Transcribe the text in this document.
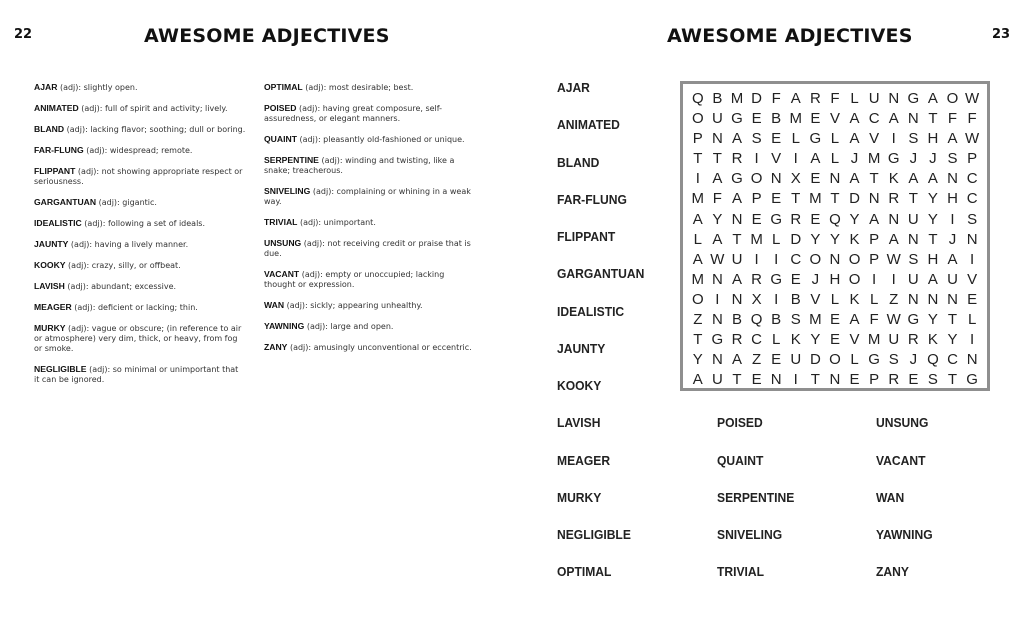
22	AWESOME ADJECTIVES
AJAR (adj): slightly open.
ANIMATED (adj): full of spirit and activity; lively.
BLAND (adj): lacking flavor; soothing; dull or boring.
FAR-FLUNG (adj): widespread; remote.
FLIPPANT (adj): not showing appropriate respect or seriousness.
GARGANTUAN (adj): gigantic.
IDEALISTIC (adj): following a set of ideals.
JAUNTY (adj): having a lively manner.
KOOKY (adj): crazy, silly, or offbeat.
LAVISH (adj): abundant; excessive.
MEAGER (adj): deficient or lacking; thin.
MURKY (adj): vague or obscure; (in reference to air or atmosphere) very dim, thick, or heavy, from fog or smoke.
NEGLIGIBLE (adj): so minimal or unimportant that it can be ignored.
OPTIMAL (adj): most desirable; best.
POISED (adj): having great composure, self-assuredness, or elegant manners.
QUAINT (adj): pleasantly old-fashioned or unique.
SERPENTINE (adj): winding and twisting, like a snake; treacherous.
SNIVELING (adj): complaining or whining in a weak way.
TRIVIAL (adj): unimportant.
UNSUNG (adj): not receiving credit or praise that is due.
VACANT (adj): empty or unoccupied; lacking thought or expression.
WAN (adj): sickly; appearing unhealthy.
YAWNING (adj): large and open.
ZANY (adj): amusingly unconventional or eccentric.
AWESOME ADJECTIVES	23
Q B M D F A R F L U N G A O W
O U G E B M E V A C A N T F F
P N A S E L G L A V I S H A W
T T R I V I A L J M G J J S P
I A G O N X E N A T K A A N C
M F A P E T M T D N R T Y H C
A Y N E G R E Q Y A N U Y I S
L A T M L D Y Y K P A N T J N
A W U I	I C O N O P W S H A I
M N A R G E J H O I	I U A U V
O I N X I B V L K L Z N N N E
Z N B Q B S M E A F W G Y T L
T G R C L K Y E V M U R K Y I
Y N A Z E U D O L G S J Q C N
A U T E N I T N E P R E S T G
AJAR
ANIMATED
BLAND
FAR-FLUNG
FLIPPANT
GARGANTUAN
IDEALISTIC
JAUNTY
KOOKY
LAVISH
MEAGER
MURKY
NEGLIGIBLE
OPTIMAL
POISED
QUAINT
SERPENTINE
SNIVELING
TRIVIAL
UNSUNG
VACANT
WAN
YAWNING
ZANY
